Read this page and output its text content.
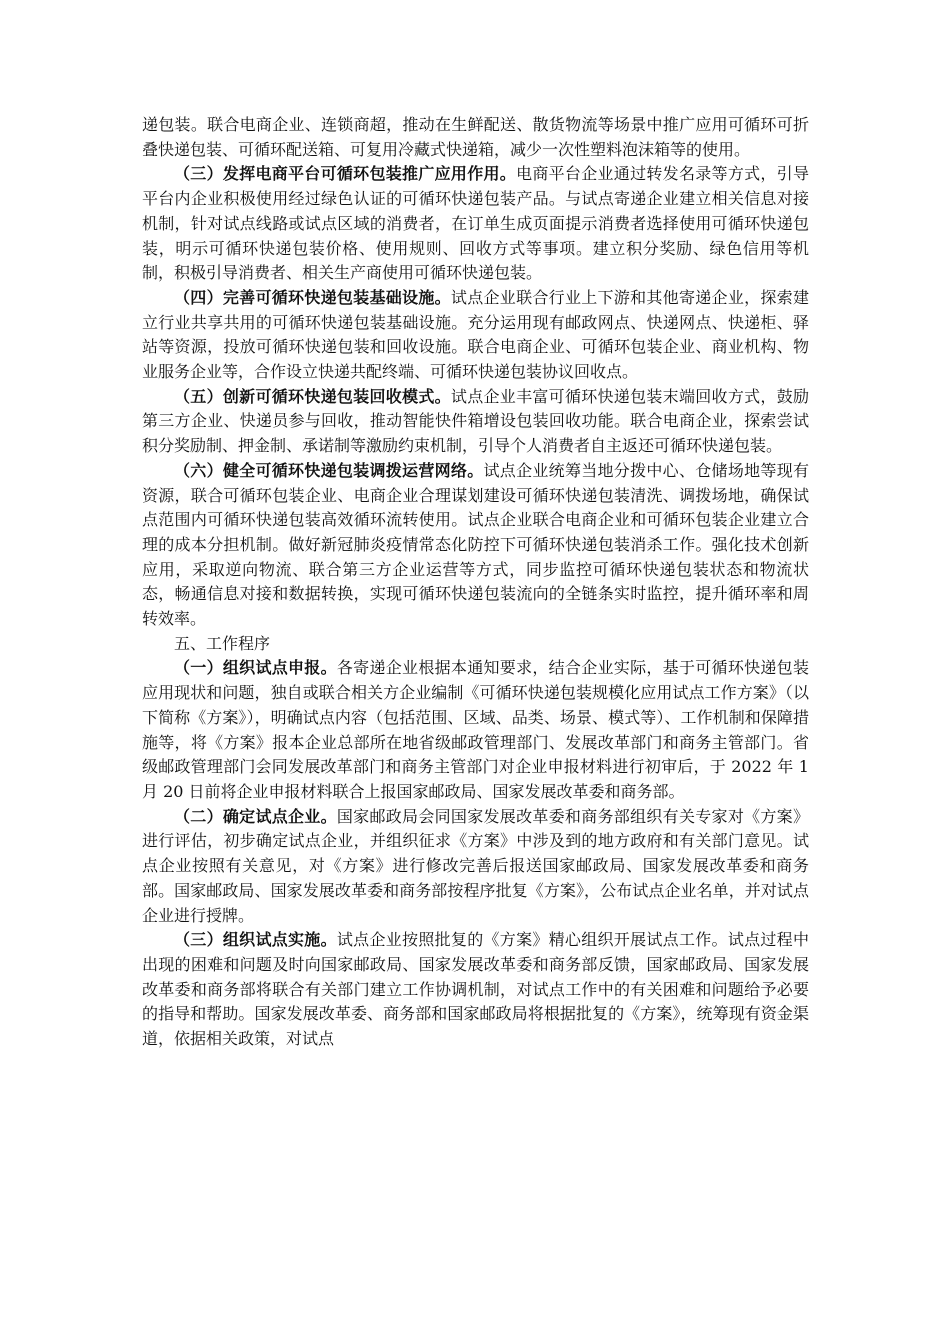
递包装。联合电商企业、连锁商超，推动在生鲜配送、散货物流等场景中推广应用可循环可折叠快递包装、可循环配送箱、可复用冷藏式快递箱，减少一次性塑料泡沫箱等的使用。

（三）发挥电商平台可循环包装推广应用作用。电商平台企业通过转发名录等方式，引导平台内企业积极使用经过绿色认证的可循环快递包装产品。与试点寄递企业建立相关信息对接机制，针对试点线路或试点区域的消费者，在订单生成页面提示消费者选择使用可循环快递包装，明示可循环快递包装价格、使用规则、回收方式等事项。建立积分奖励、绿色信用等机制，积极引导消费者、相关生产商使用可循环快递包装。

（四）完善可循环快递包装基础设施。试点企业联合行业上下游和其他寄递企业，探索建立行业共享共用的可循环快递包装基础设施。充分运用现有邮政网点、快递网点、快递柜、驿站等资源，投放可循环快递包装和回收设施。联合电商企业、可循环包装企业、商业机构、物业服务企业等，合作设立快递共配终端、可循环快递包装协议回收点。

（五）创新可循环快递包装回收模式。试点企业丰富可循环快递包装末端回收方式，鼓励第三方企业、快递员参与回收，推动智能快件箱增设包装回收功能。联合电商企业，探索尝试积分奖励制、押金制、承诺制等激励约束机制，引导个人消费者自主返还可循环快递包装。

（六）健全可循环快递包装调拨运营网络。试点企业统筹当地分拨中心、仓储场地等现有资源，联合可循环包装企业、电商企业合理谋划建设可循环快递包装清洗、调拨场地，确保试点范围内可循环快递包装高效循环流转使用。试点企业联合电商企业和可循环包装企业建立合理的成本分担机制。做好新冠肺炎疫情常态化防控下可循环快递包装消杀工作。强化技术创新应用，采取逆向物流、联合第三方企业运营等方式，同步监控可循环快递包装状态和物流状态，畅通信息对接和数据转换，实现可循环快递包装流向的全链条实时监控，提升循环率和周转效率。

五、工作程序

（一）组织试点申报。各寄递企业根据本通知要求，结合企业实际，基于可循环快递包装应用现状和问题，独自或联合相关方企业编制《可循环快递包装规模化应用试点工作方案》（以下简称《方案》），明确试点内容（包括范围、区域、品类、场景、模式等）、工作机制和保障措施等，将《方案》报本企业总部所在地省级邮政管理部门、发展改革部门和商务主管部门。省级邮政管理部门会同发展改革部门和商务主管部门对企业申报材料进行初审后，于 2022 年 1 月 20 日前将企业申报材料联合上报国家邮政局、国家发展改革委和商务部。

（二）确定试点企业。国家邮政局会同国家发展改革委和商务部组织有关专家对《方案》进行评估，初步确定试点企业，并组织征求《方案》中涉及到的地方政府和有关部门意见。试点企业按照有关意见，对《方案》进行修改完善后报送国家邮政局、国家发展改革委和商务部。国家邮政局、国家发展改革委和商务部按程序批复《方案》，公布试点企业名单，并对试点企业进行授牌。

（三）组织试点实施。试点企业按照批复的《方案》精心组织开展试点工作。试点过程中出现的困难和问题及时向国家邮政局、国家发展改革委和商务部反馈，国家邮政局、国家发展改革委和商务部将联合有关部门建立工作协调机制，对试点工作中的有关困难和问题给予必要的指导和帮助。国家发展改革委、商务部和国家邮政局将根据批复的《方案》，统筹现有资金渠道，依据相关政策，对试点
